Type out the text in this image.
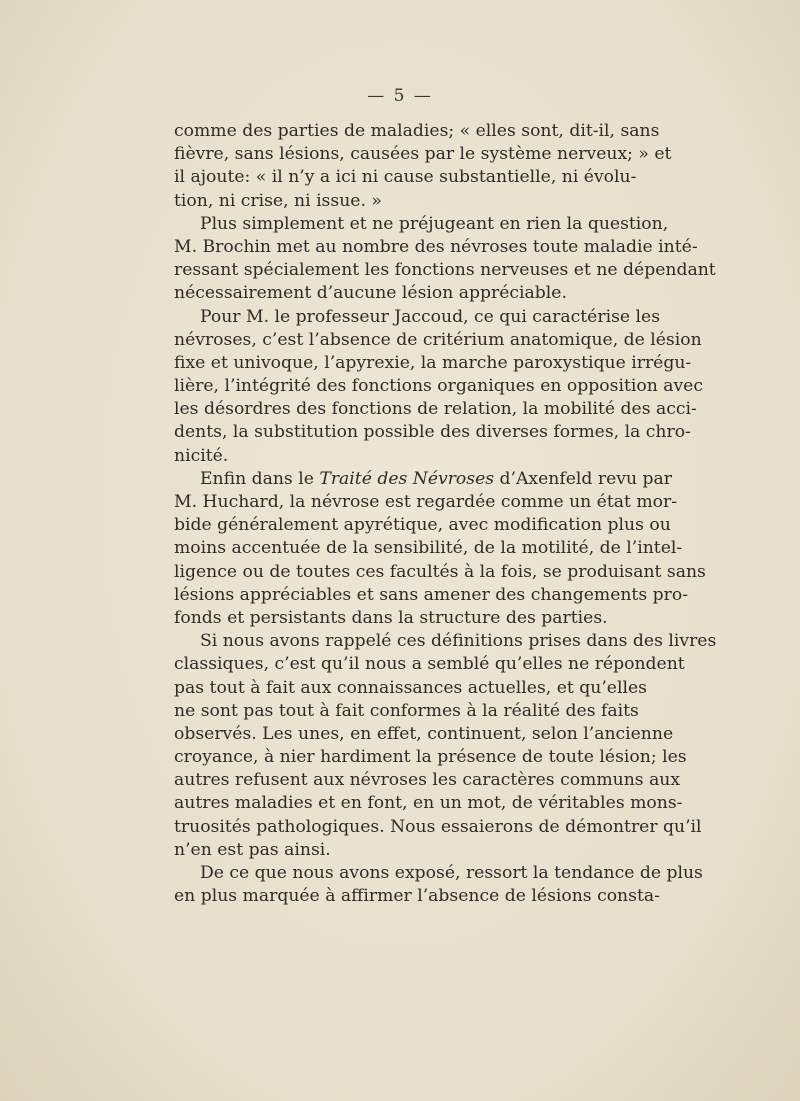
— 5 —
comme des parties de maladies; « elles sont, dit-il, sans
fièvre, sans lésions, causées par le système nerveux; » et
il ajoute: « il n’y a ici ni cause substantielle, ni évolu-
tion, ni crise, ni issue. »
Plus simplement et ne préjugeant en rien la question,
M. Brochin met au nombre des névroses toute maladie inté-
ressant spécialement les fonctions nerveuses et ne dépendant
nécessairement d’aucune lésion appréciable.
Pour M. le professeur Jaccoud, ce qui caractérise les
névroses, c’est l’absence de critérium anatomique, de lésion
fixe et univoque, l’apyrexie, la marche paroxystique irrégu-
lière, l’intégrité des fonctions organiques en opposition avec
les désordres des fonctions de relation, la mobilité des acci-
dents, la substitution possible des diverses formes, la chro-
nicité.
Enfin dans le Traité des Névroses d’Axenfeld revu par
M. Huchard, la névrose est regardée comme un état mor-
bide généralement apyrétique, avec modification plus ou
moins accentuée de la sensibilité, de la motilité, de l’intel-
ligence ou de toutes ces facultés à la fois, se produisant sans
lésions appréciables et sans amener des changements pro-
fonds et persistants dans la structure des parties.
Si nous avons rappelé ces définitions prises dans des livres
classiques, c’est qu’il nous a semblé qu’elles ne répondent
pas tout à fait aux connaissances actuelles, et qu’elles
ne sont pas tout à fait conformes à la réalité des faits
observés. Les unes, en effet, continuent, selon l’ancienne
croyance, à nier hardiment la présence de toute lésion; les
autres refusent aux névroses les caractères communs aux
autres maladies et en font, en un mot, de véritables mons-
truosités pathologiques. Nous essaierons de démontrer qu’il
n’en est pas ainsi.
De ce que nous avons exposé, ressort la tendance de plus
en plus marquée à affirmer l’absence de lésions consta-
